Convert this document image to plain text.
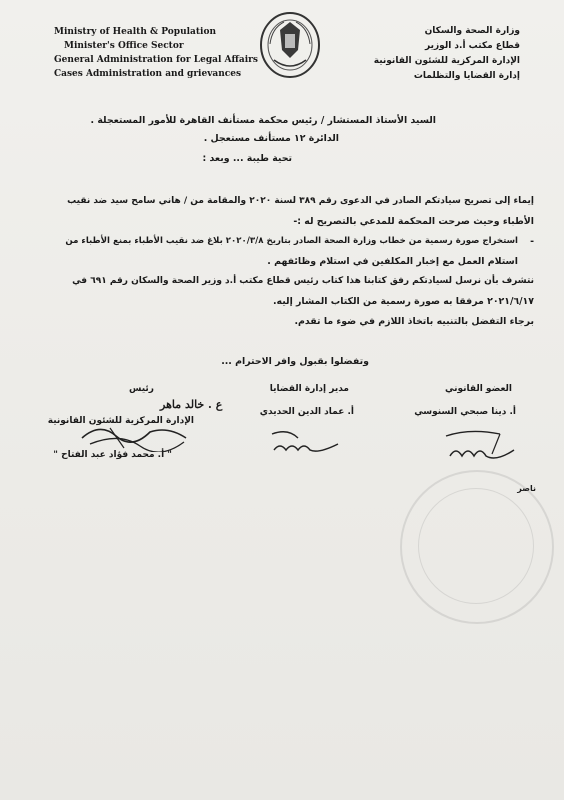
Ministry of Health & Population
Minister's Office Sector
General Administration for Legal Affairs
Cases Administration and grievances
وزارة الصحة والسكان
قطاع مكتب أ.د الوزير
الإدارة المركزية للشئون القانونية
إدارة القضايا والتظلمات
السيد الأستاذ المستشار / رئيس محكمة مستأنف القاهرة للأمور المستعجلة .
الدائرة ١٢ مستأنف مستعجل .
تحية طيبة ... وبعد :
إيماء إلى تصريح سيادتكم الصادر في الدعوى رقم ٣٨٩ لسنة ٢٠٢٠ والمقامة من / هاني سامح سيد ضد نقيب
الأطباء وحيث صرحت المحكمة للمدعي بالتصريح له :-
-
استخراج صورة رسمية من خطاب وزارة الصحة الصادر بتاريخ ٢٠٢٠/٣/٨ بلاغ ضد نقيب الأطباء بمنع الأطباء من
استلام العمل مع إخبار المكلفين في استلام وظائفهم .
نتشرف بأن نرسل لسيادتكم رفق كتابنا هذا كتاب رئيس قطاع مكتب أ.د وزير الصحة والسكان رقم ٦٩١ في
٢٠٢١/٦/١٧ مرفقا به صورة رسمية من الكتاب المشار إليه.
برجاء التفضل بالتنبيه باتخاذ اللازم في ضوء ما تقدم.
وتفضلوا بقبول وافر الاحترام ...
العضو القانوني
مدير إدارة القضايا
رئيس
ع . خالد ماهر
أ. دينا صبحي السنوسي
أ. عماد الدين الحديدي
الإدارة المركزية للشئون القانونية
" أ. محمد فؤاد عبد الفتاح "
ناصر
